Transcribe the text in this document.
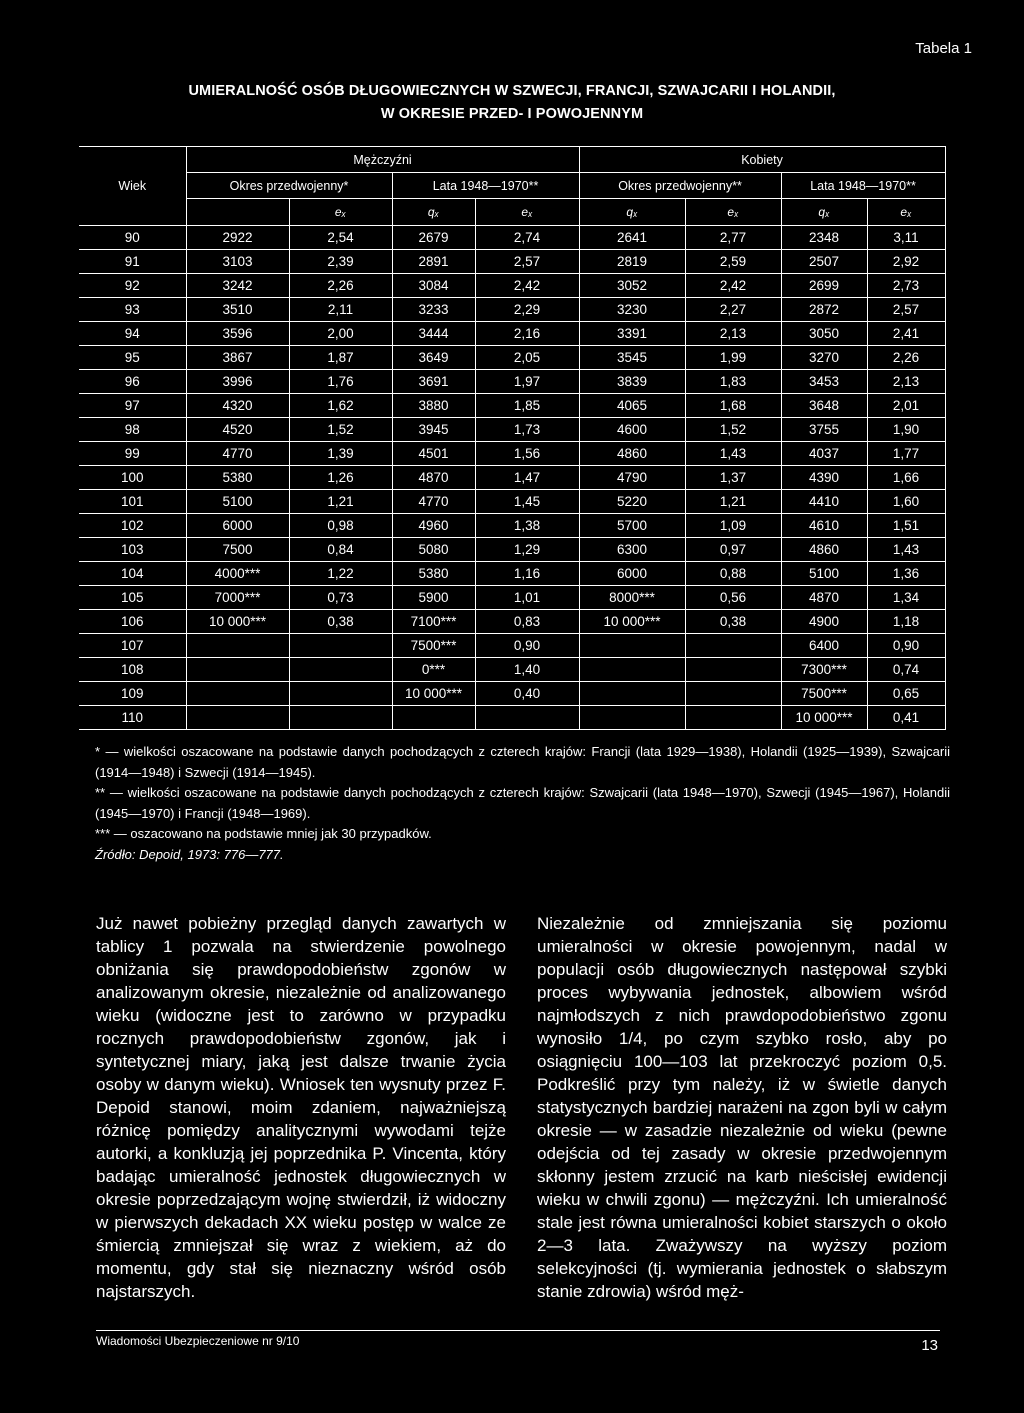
Tabela 1
UMIERALNOŚĆ OSÓB DŁUGOWIECZNYCH W SZWECJI, FRANCJI, SZWAJCARII I HOLANDII,
W OKRESIE PRZED- I POWOJENNYM
Wiek	Mężczyźni				Kobiety			
	Okres przedwojenny*		Lata 1948—1970**		Okres przedwojenny**		Lata 1948—1970**	
		eₓ	qₓ	eₓ	qₓ	eₓ	qₓ	eₓ
90	2922	2,54	2679	2,74	2641	2,77	2348	3,11
91	3103	2,39	2891	2,57	2819	2,59	2507	2,92
92	3242	2,26	3084	2,42	3052	2,42	2699	2,73
93	3510	2,11	3233	2,29	3230	2,27	2872	2,57
94	3596	2,00	3444	2,16	3391	2,13	3050	2,41
95	3867	1,87	3649	2,05	3545	1,99	3270	2,26
96	3996	1,76	3691	1,97	3839	1,83	3453	2,13
97	4320	1,62	3880	1,85	4065	1,68	3648	2,01
98	4520	1,52	3945	1,73	4600	1,52	3755	1,90
99	4770	1,39	4501	1,56	4860	1,43	4037	1,77
100	5380	1,26	4870	1,47	4790	1,37	4390	1,66
101	5100	1,21	4770	1,45	5220	1,21	4410	1,60
102	6000	0,98	4960	1,38	5700	1,09	4610	1,51
103	7500	0,84	5080	1,29	6300	0,97	4860	1,43
104	4000***	1,22	5380	1,16	6000	0,88	5100	1,36
105	7000***	0,73	5900	1,01	8000***	0,56	4870	1,34
106	10 000***	0,38	7100***	0,83	10 000***	0,38	4900	1,18
107			7500***	0,90			6400	0,90
108			0***	1,40			7300***	0,74
109			10 000***	0,40			7500***	0,65
110							10 000***	0,41

* — wielkości oszacowane na podstawie danych pochodzących z czterech krajów: Francji (lata 1929—1938), Holandii (1925—1939), Szwajcarii (1914—1948) i Szwecji (1914—1945).

** — wielkości oszacowane na podstawie danych pochodzących z czterech krajów: Szwajcarii (lata 1948—1970), Szwecji (1945—1967), Holandii (1945—1970) i Francji (1948—1969).

*** — oszacowano na podstawie mniej jak 30 przypadków.

Źródło: Depoid, 1973: 776—777.

Już nawet pobieżny przegląd danych zawartych w tablicy 1 pozwala na stwierdzenie powolnego obniżania się prawdopodobieństw zgonów w analizowanym okresie, niezależnie od analizowanego wieku (widoczne jest to zarówno w przypadku rocznych prawdopodobieństw zgonów, jak i syntetycznej miary, jaką jest dalsze trwanie życia osoby w danym wieku). Wniosek ten wysnuty przez F. Depoid stanowi, moim zdaniem, najważniejszą różnicę pomiędzy analitycznymi wywodami tejże autorki, a konkluzją jej poprzednika P. Vincenta, który badając umieralność jednostek długowiecznych w okresie poprzedzającym wojnę stwierdził, iż widoczny w pierwszych dekadach XX wieku postęp w walce ze śmiercią zmniejszał się wraz z wiekiem, aż do momentu, gdy stał się nieznaczny wśród osób najstarszych.

Niezależnie od zmniejszania się poziomu umieralności w okresie powojennym, nadal w populacji osób długowiecznych następował szybki proces wybywania jednostek, albowiem wśród najmłodszych z nich prawdopodobieństwo zgonu wynosiło 1/4, po czym szybko rosło, aby po osiągnięciu 100—103 lat przekroczyć poziom 0,5. Podkreślić przy tym należy, iż w świetle danych statystycznych bardziej narażeni na zgon byli w całym okresie — w zasadzie niezależnie od wieku (pewne odejścia od tej zasady w okresie przedwojennym skłonny jestem zrzucić na karb nieścisłej ewidencji wieku w chwili zgonu) — mężczyźni. Ich umieralność stale jest równa umieralności kobiet starszych o około 2—3 lata. Zważywszy na wyższy poziom selekcyjności (tj. wymierania jednostek o słabszym stanie zdrowia) wśród męż-

Wiadomości Ubezpieczeniowe nr 9/10	13
